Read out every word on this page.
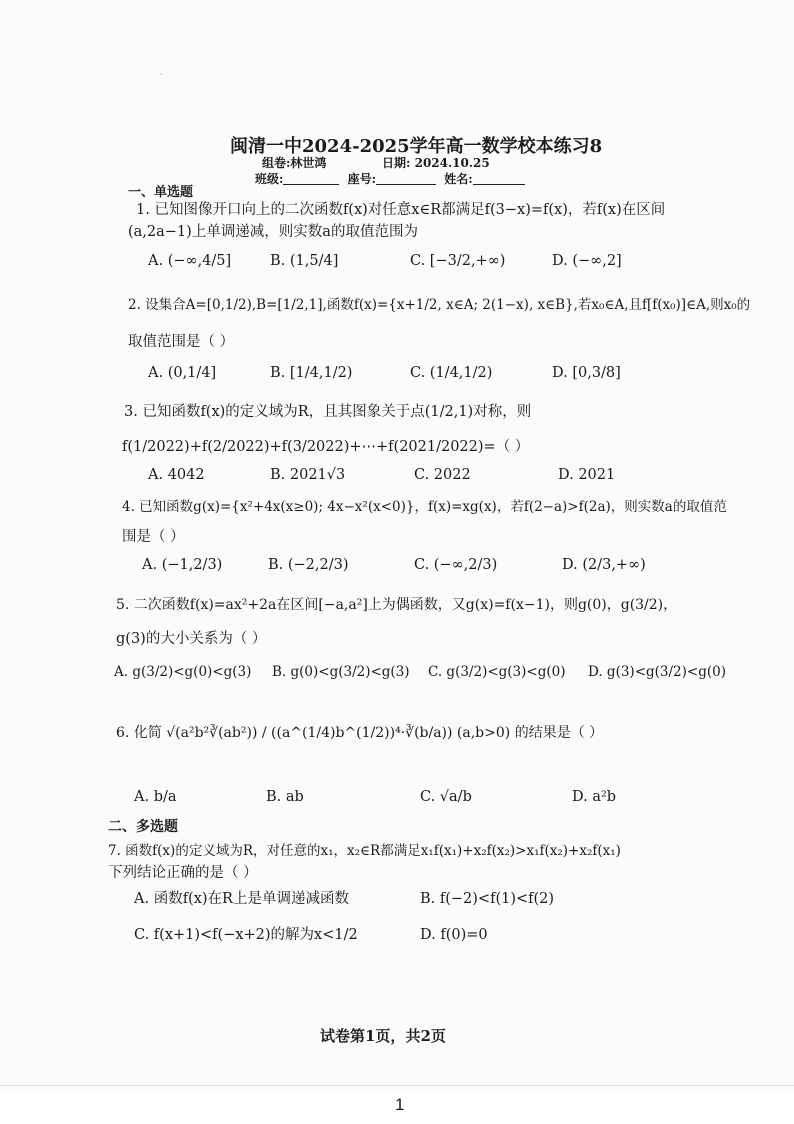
·
闽清一中2024-2025学年高一数学校本练习8
组卷:林世鸿	日期: 2024.10.25
班级:	座号:	姓名:
一、单选题
1. 已知图像开口向上的二次函数f(x)对任意x∈R都满足f(3−x)=f(x)，若f(x)在区间
(a,2a−1)上单调递减，则实数a的取值范围为
A. (−∞,4/5]	B. (1,5/4]	C. [−3/2,+∞)	D. (−∞,2]
2. 设集合A=[0,1/2),B=[1/2,1],函数f(x)={x+1/2, x∈A; 2(1−x), x∈B},若x₀∈A,且f[f(x₀)]∈A,则x₀的
取值范围是（ ）
A. (0,1/4]	B. [1/4,1/2)	C. (1/4,1/2)	D. [0,3/8]
3. 已知函数f(x)的定义域为R，且其图象关于点(1/2,1)对称，则
f(1/2022)+f(2/2022)+f(3/2022)+⋯+f(2021/2022)=（ ）
A. 4042	B. 2021√3	C. 2022	D. 2021
4. 已知函数g(x)={x²+4x(x≥0); 4x−x²(x<0)}，f(x)=xg(x)，若f(2−a)>f(2a)，则实数a的取值范
围是（ ）
A. (−1,2/3)	B. (−2,2/3)	C. (−∞,2/3)	D. (2/3,+∞)
5. 二次函数f(x)=ax²+2a在区间[−a,a²]上为偶函数，又g(x)=f(x−1)，则g(0)，g(3/2)，
g(3)的大小关系为（ ）
A. g(3/2)<g(0)<g(3) B. g(0)<g(3/2)<g(3) C. g(3/2)<g(3)<g(0) D. g(3)<g(3/2)<g(0)
6. 化简 √(a²b²∛(ab²)) / ((a^(1/4)b^(1/2))⁴·∛(b/a)) (a,b>0) 的结果是（ ）
A. b/a	B. ab	C. √a/b	D. a²b
二、多选题
7. 函数f(x)的定义域为R，对任意的x₁，x₂∈R都满足x₁f(x₁)+x₂f(x₂)>x₁f(x₂)+x₂f(x₁)
下列结论正确的是（ ）
A. 函数f(x)在R上是单调递减函数	B. f(−2)<f(1)<f(2)
C. f(x+1)<f(−x+2)的解为x<1/2	D. f(0)=0
试卷第1页，共2页
1
